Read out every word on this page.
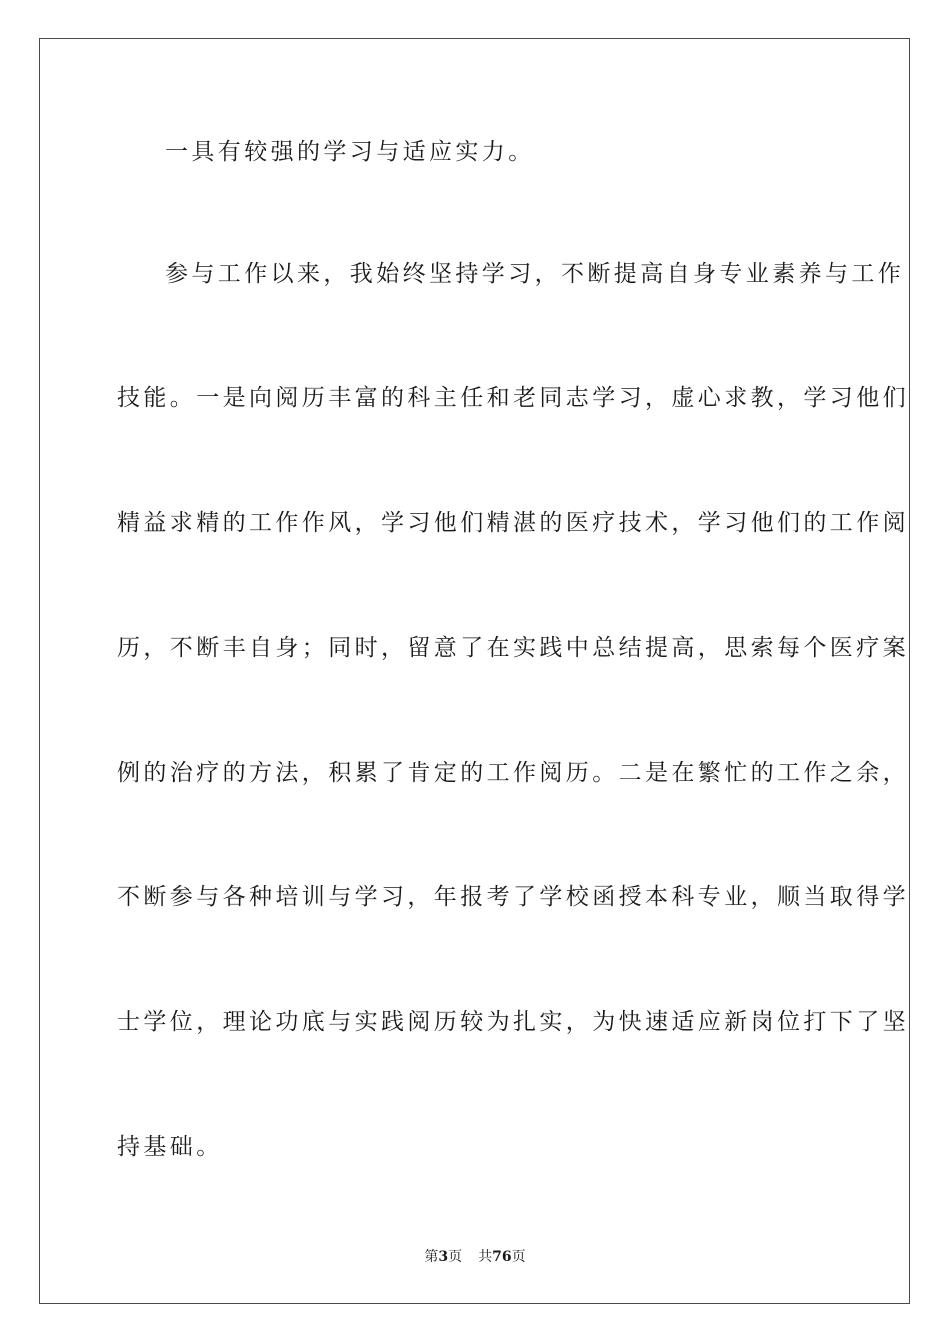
一具有较强的学习与适应实力。
参与工作以来，我始终坚持学习，不断提高自身专业素养与工作
技能。一是向阅历丰富的科主任和老同志学习，虚心求教，学习他们
精益求精的工作作风，学习他们精湛的医疗技术，学习他们的工作阅
历，不断丰自身；同时，留意了在实践中总结提高，思索每个医疗案
例的治疗的方法，积累了肯定的工作阅历。二是在繁忙的工作之余，
不断参与各种培训与学习，年报考了学校函授本科专业，顺当取得学
士学位，理论功底与实践阅历较为扎实，为快速适应新岗位打下了坚
持基础。
第3页 共76页
